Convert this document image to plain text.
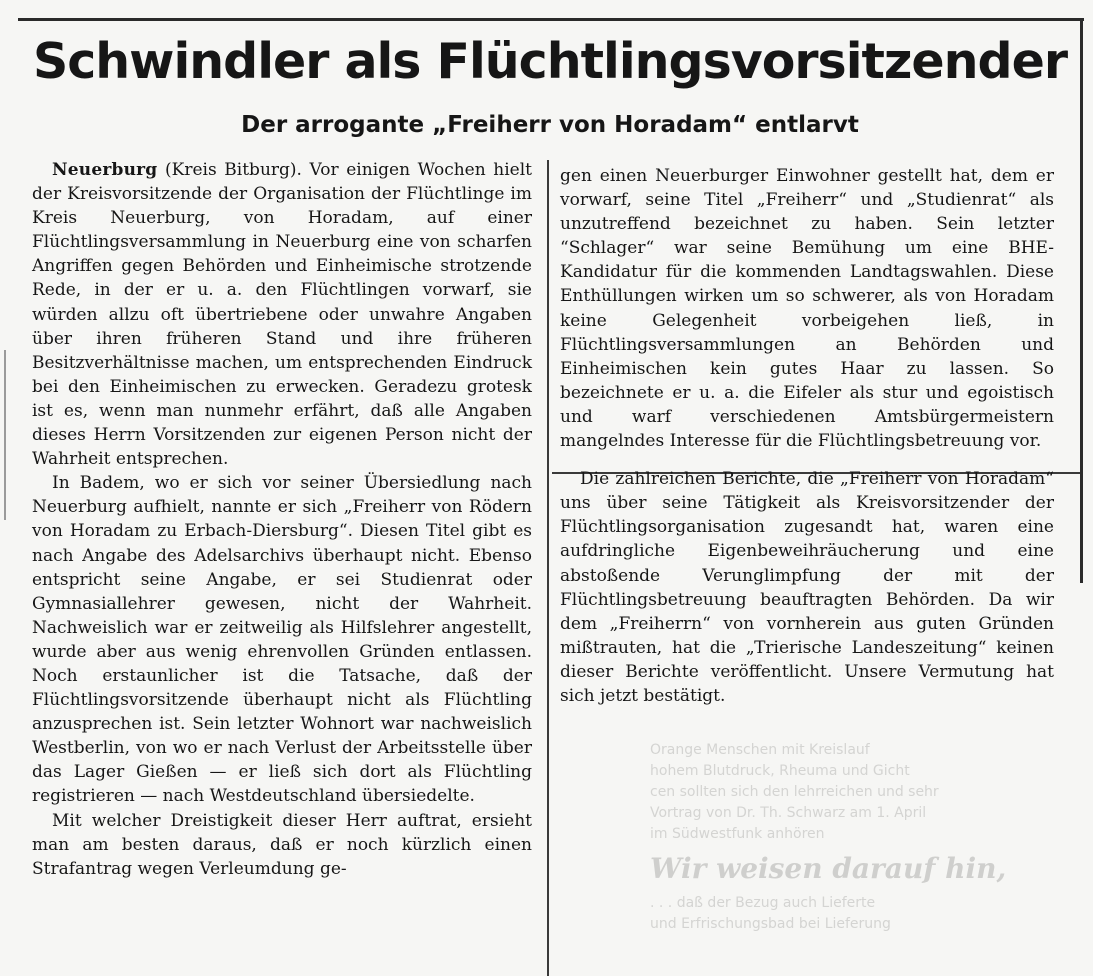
Orange Menschen mit Kreislauf
hohem Blutdruck, Rheuma und Gicht
cen sollten sich den lehrreichen und sehr
Vortrag von Dr. Th. Schwarz am 1. April
im Südwestfunk anhören
Wir weisen darauf hin,
. . . daß der Bezug auch Lieferte
und Erfrischungsbad bei Lieferung
Schwindler als Flüchtlingsvorsitzender
Der arrogante „Freiherr von Horadam“ entlarvt

Neuerburg (Kreis Bitburg). Vor einigen Wochen hielt der Kreisvorsitzende der Organisation der Flüchtlinge im Kreis Neuerburg, von Horadam, auf einer Flüchtlingsversammlung in Neuerburg eine von scharfen Angriffen gegen Behörden und Einheimische strotzende Rede, in der er u. a. den Flüchtlingen vorwarf, sie würden allzu oft übertriebene oder unwahre Angaben über ihren früheren Stand und ihre früheren Besitzverhältnisse machen, um entsprechenden Eindruck bei den Einheimischen zu erwecken. Geradezu grotesk ist es, wenn man nunmehr erfährt, daß alle Angaben dieses Herrn Vorsitzenden zur eigenen Person nicht der Wahrheit entsprechen.

In Badem, wo er sich vor seiner Übersiedlung nach Neuerburg aufhielt, nannte er sich „Freiherr von Rödern von Horadam zu Erbach-Diersburg“. Diesen Titel gibt es nach Angabe des Adelsarchivs überhaupt nicht. Ebenso entspricht seine Angabe, er sei Studienrat oder Gymnasiallehrer gewesen, nicht der Wahrheit. Nachweislich war er zeitweilig als Hilfslehrer angestellt, wurde aber aus wenig ehrenvollen Gründen entlassen. Noch erstaunlicher ist die Tatsache, daß der Flüchtlingsvorsitzende überhaupt nicht als Flüchtling anzusprechen ist. Sein letzter Wohnort war nachweislich Westberlin, von wo er nach Verlust der Arbeitsstelle über das Lager Gießen — er ließ sich dort als Flüchtling registrieren — nach Westdeutschland übersiedelte.

Mit welcher Dreistigkeit dieser Herr auftrat, ersieht man am besten daraus, daß er noch kürzlich einen Strafantrag wegen Verleumdung ge-

gen einen Neuerburger Einwohner gestellt hat, dem er vorwarf, seine Titel „Freiherr“ und „Studienrat“ als unzutreffend bezeichnet zu haben. Sein letzter “Schlager“ war seine Bemühung um eine BHE-Kandidatur für die kommenden Landtagswahlen. Diese Enthüllungen wirken um so schwerer, als von Horadam keine Gelegenheit vorbeigehen ließ, in Flüchtlingsversammlungen an Behörden und Einheimischen kein gutes Haar zu lassen. So bezeichnete er u. a. die Eifeler als stur und egoistisch und warf verschiedenen Amtsbürgermeistern mangelndes Interesse für die Flüchtlingsbetreuung vor.

Die zahlreichen Berichte, die „Freiherr von Horadam“ uns über seine Tätigkeit als Kreisvorsitzender der Flüchtlingsorganisation zugesandt hat, waren eine aufdringliche Eigenbeweihräucherung und eine abstoßende Verunglimpfung der mit der Flüchtlingsbetreuung beauftragten Behörden. Da wir dem „Freiherrn“ von vornherein aus guten Gründen mißtrauten, hat die „Trierische Landeszeitung“ keinen dieser Berichte veröffentlicht. Unsere Vermutung hat sich jetzt bestätigt.
